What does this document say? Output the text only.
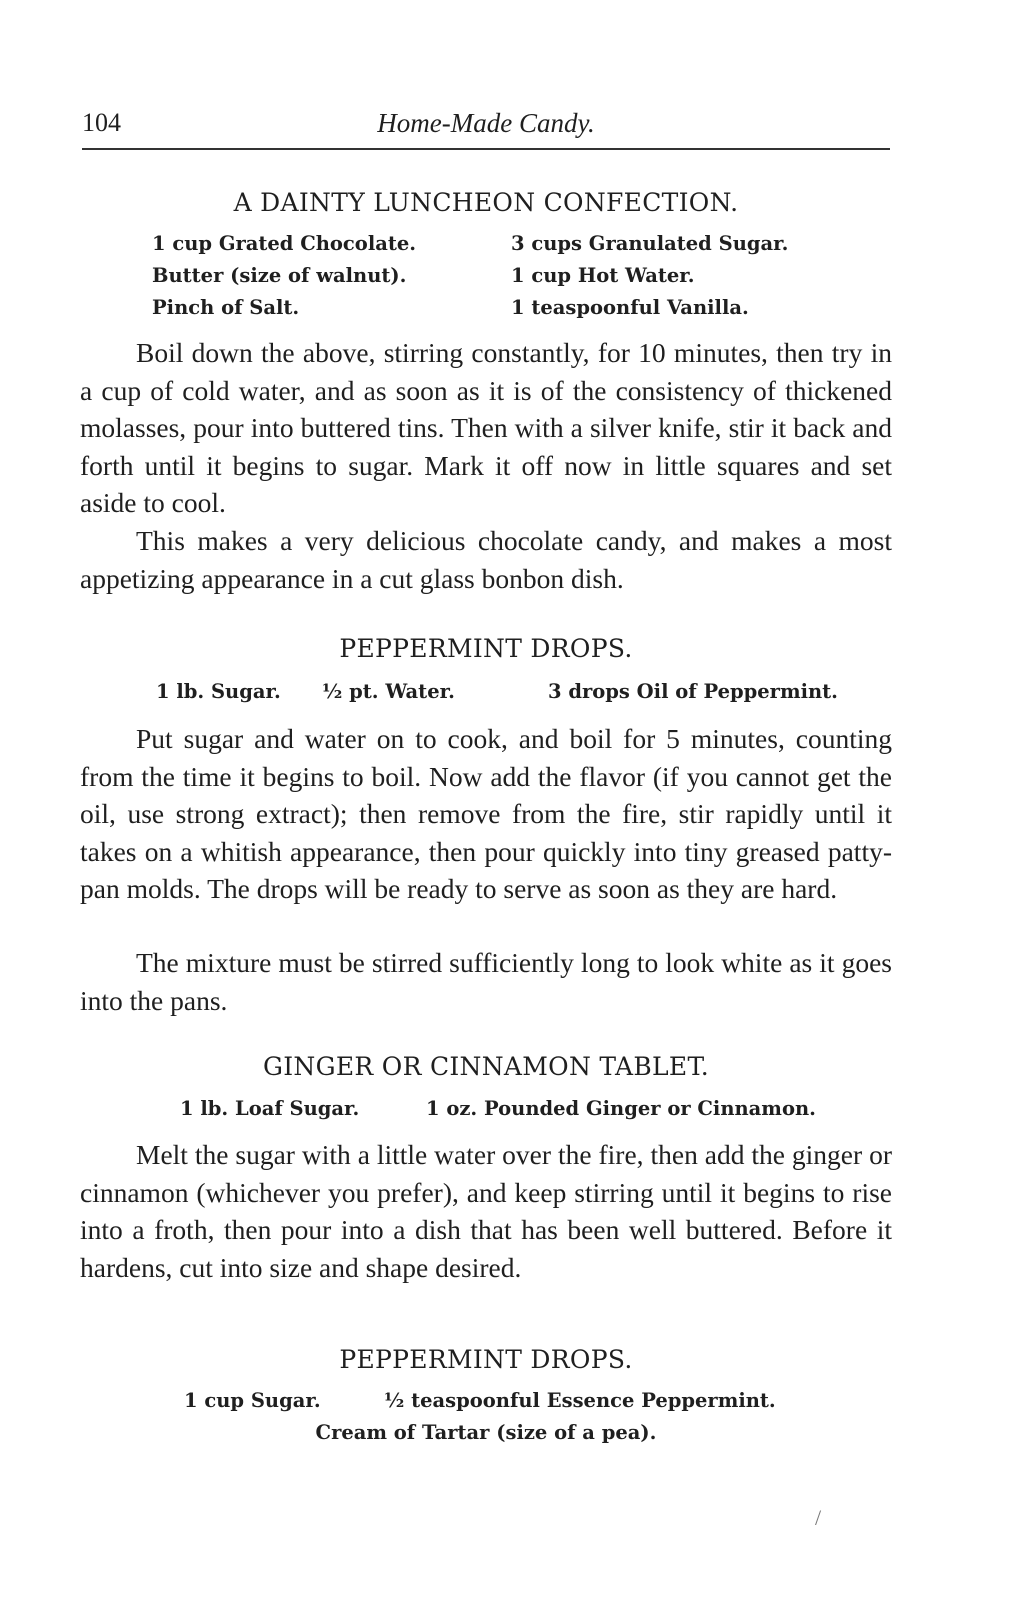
104	Home-Made Candy.
A DAINTY LUNCHEON CONFECTION.
1 cup Grated Chocolate.	3 cups Granulated Sugar.
Butter (size of walnut).	1 cup Hot Water.
Pinch of Salt.	1 teaspoonful Vanilla.

Boil down the above, stirring constantly, for 10 minutes, then try in a cup of cold water, and as soon as it is of the consistency of thickened molasses, pour into buttered tins. Then with a silver knife, stir it back and forth until it begins to sugar. Mark it off now in little squares and set aside to cool.

This makes a very delicious chocolate candy, and makes a most appetizing appearance in a cut glass bonbon dish.

PEPPERMINT DROPS.
1 lb. Sugar. ½ pt. Water.	3 drops Oil of Peppermint.

Put sugar and water on to cook, and boil for 5 minutes, counting from the time it begins to boil. Now add the flavor (if you cannot get the oil, use strong extract); then remove from the fire, stir rapidly until it takes on a whitish appearance, then pour quickly into tiny greased patty-pan molds. The drops will be ready to serve as soon as they are hard.

The mixture must be stirred sufficiently long to look white as it goes into the pans.

GINGER OR CINNAMON TABLET.
1 lb. Loaf Sugar.	1 oz. Pounded Ginger or Cinnamon.

Melt the sugar with a little water over the fire, then add the ginger or cinnamon (whichever you prefer), and keep stirring until it begins to rise into a froth, then pour into a dish that has been well buttered. Before it hardens, cut into size and shape desired.

PEPPERMINT DROPS.
1 cup Sugar.	½ teaspoonful Essence Peppermint.
Cream of Tartar (size of a pea).
/
